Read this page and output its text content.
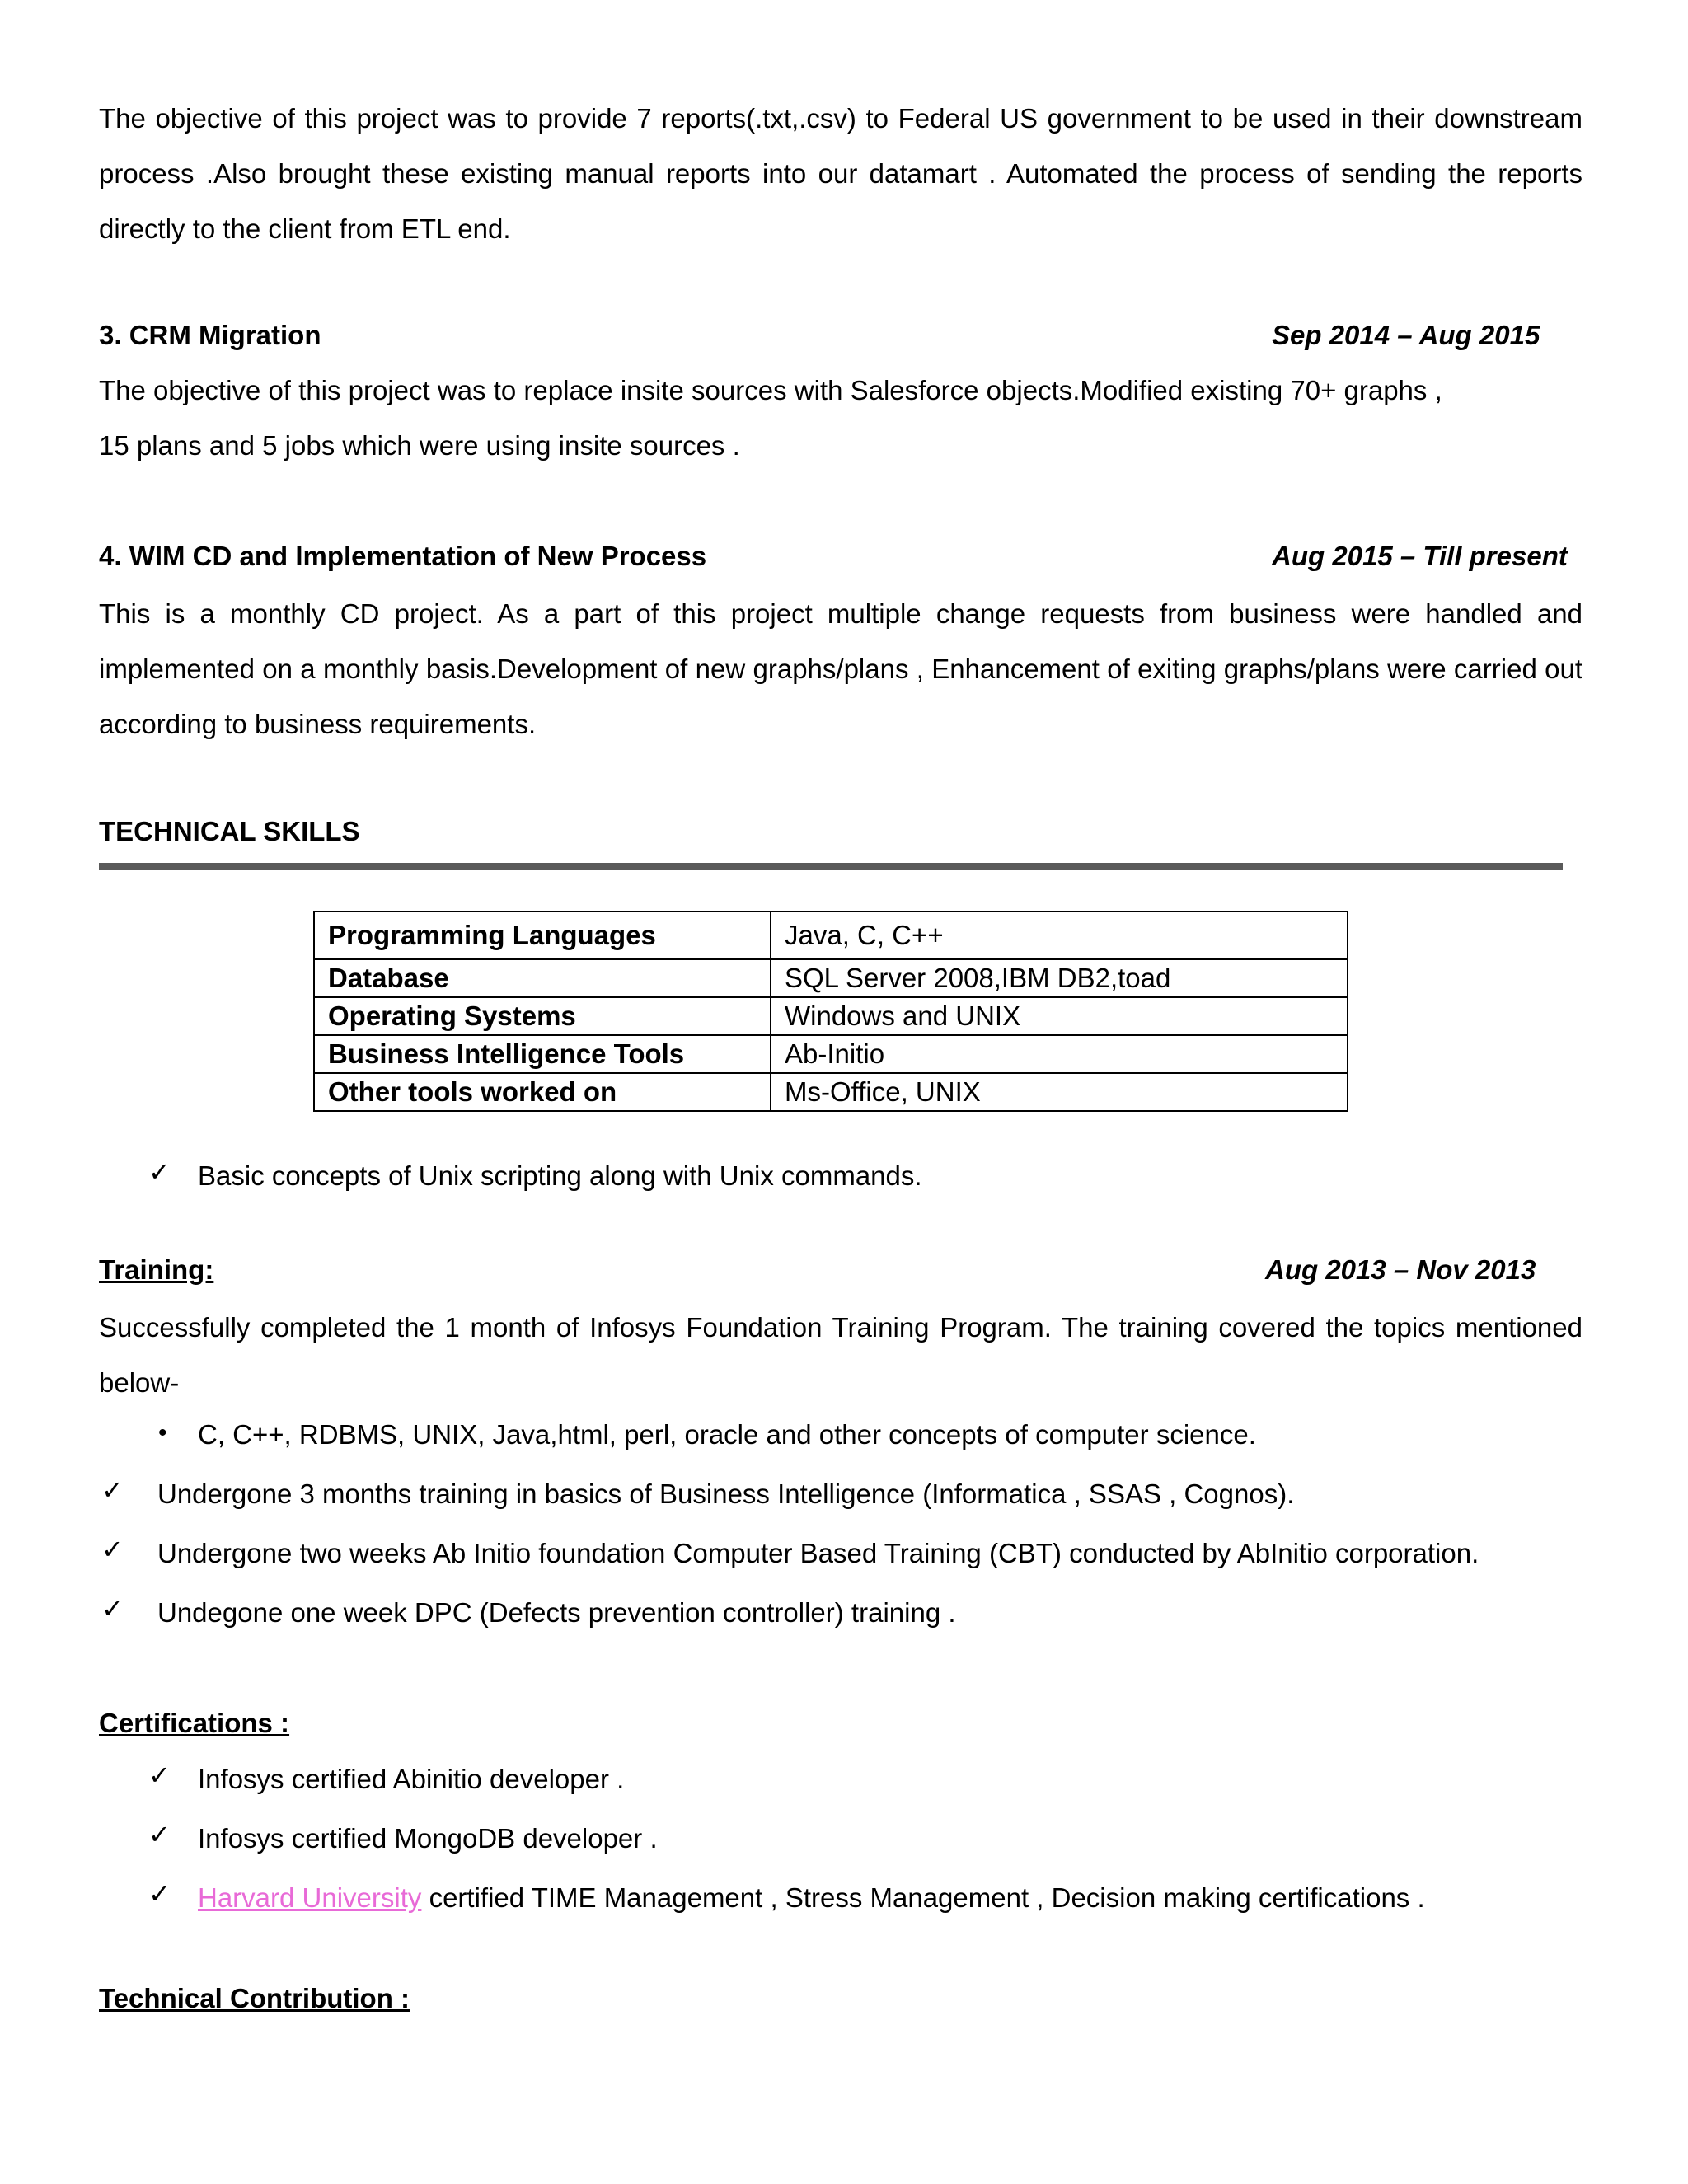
The objective of this project was to provide 7 reports(.txt,.csv) to Federal US government to be used in their downstream process .Also brought these existing manual reports into our datamart . Automated the process of sending the reports directly to the client from ETL end.

3. CRM Migration	Sep 2014 – Aug 2015
The objective of this project was to replace insite sources with Salesforce objects.Modified existing 70+ graphs ,
15 plans and 5 jobs which were using insite sources .
4. WIM CD and Implementation of New Process	Aug 2015 – Till present

This is a monthly CD project. As a part of this project multiple change requests from business were handled and implemented on a monthly basis.Development of new graphs/plans , Enhancement of exiting graphs/plans were carried out according to business requirements.

TECHNICAL SKILLS
Programming Languages	Java, C, C++
Database	SQL Server 2008,IBM DB2,toad
Operating Systems	Windows and UNIX
Business Intelligence Tools	Ab-Initio
Other tools worked on	Ms-Office, UNIX
✓ Basic concepts of Unix scripting along with Unix commands.
Training:	Aug 2013 – Nov 2013

Successfully completed the 1 month of Infosys Foundation Training Program. The training covered the topics mentioned below-

• C, C++, RDBMS, UNIX, Java,html, perl, oracle and other concepts of computer science.
✓ Undergone 3 months training in basics of Business Intelligence (Informatica , SSAS , Cognos).
✓ Undergone two weeks Ab Initio foundation Computer Based Training (CBT) conducted by AbInitio corporation.
✓ Undegone one week DPC (Defects prevention controller) training .
Certifications :
✓ Infosys certified Abinitio developer .
✓ Infosys certified MongoDB developer .
✓ Harvard University certified TIME Management , Stress Management , Decision making certifications .
Technical Contribution :
